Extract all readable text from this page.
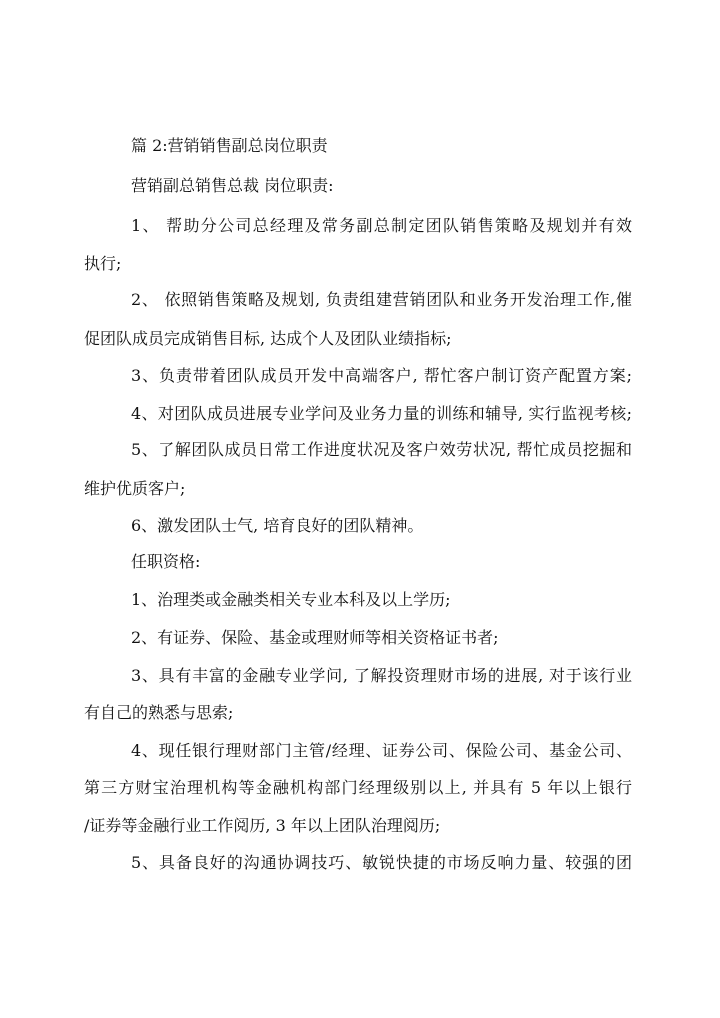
篇 2:营销销售副总岗位职责
营销副总销售总裁 岗位职责:
1、 帮助分公司总经理及常务副总制定团队销售策略及规划并有效
执行;
2、 依照销售策略及规划, 负责组建营销团队和业务开发治理工作,催
促团队成员完成销售目标, 达成个人及团队业绩指标;
3、负责带着团队成员开发中高端客户, 帮忙客户制订资产配置方案;
4、对团队成员进展专业学问及业务力量的训练和辅导, 实行监视考核;
5、了解团队成员日常工作进度状况及客户效劳状况, 帮忙成员挖掘和
维护优质客户;
6、激发团队士气, 培育良好的团队精神。
任职资格:
1、治理类或金融类相关专业本科及以上学历;
2、有证券、保险、基金或理财师等相关资格证书者;
3、具有丰富的金融专业学问, 了解投资理财市场的进展, 对于该行业
有自己的熟悉与思索;
4、现任银行理财部门主管/经理、证券公司、保险公司、基金公司、
第三方财宝治理机构等金融机构部门经理级别以上, 并具有 5 年以上银行
/证券等金融行业工作阅历, 3 年以上团队治理阅历;
5、具备良好的沟通协调技巧、敏锐快捷的市场反响力量、较强的团
